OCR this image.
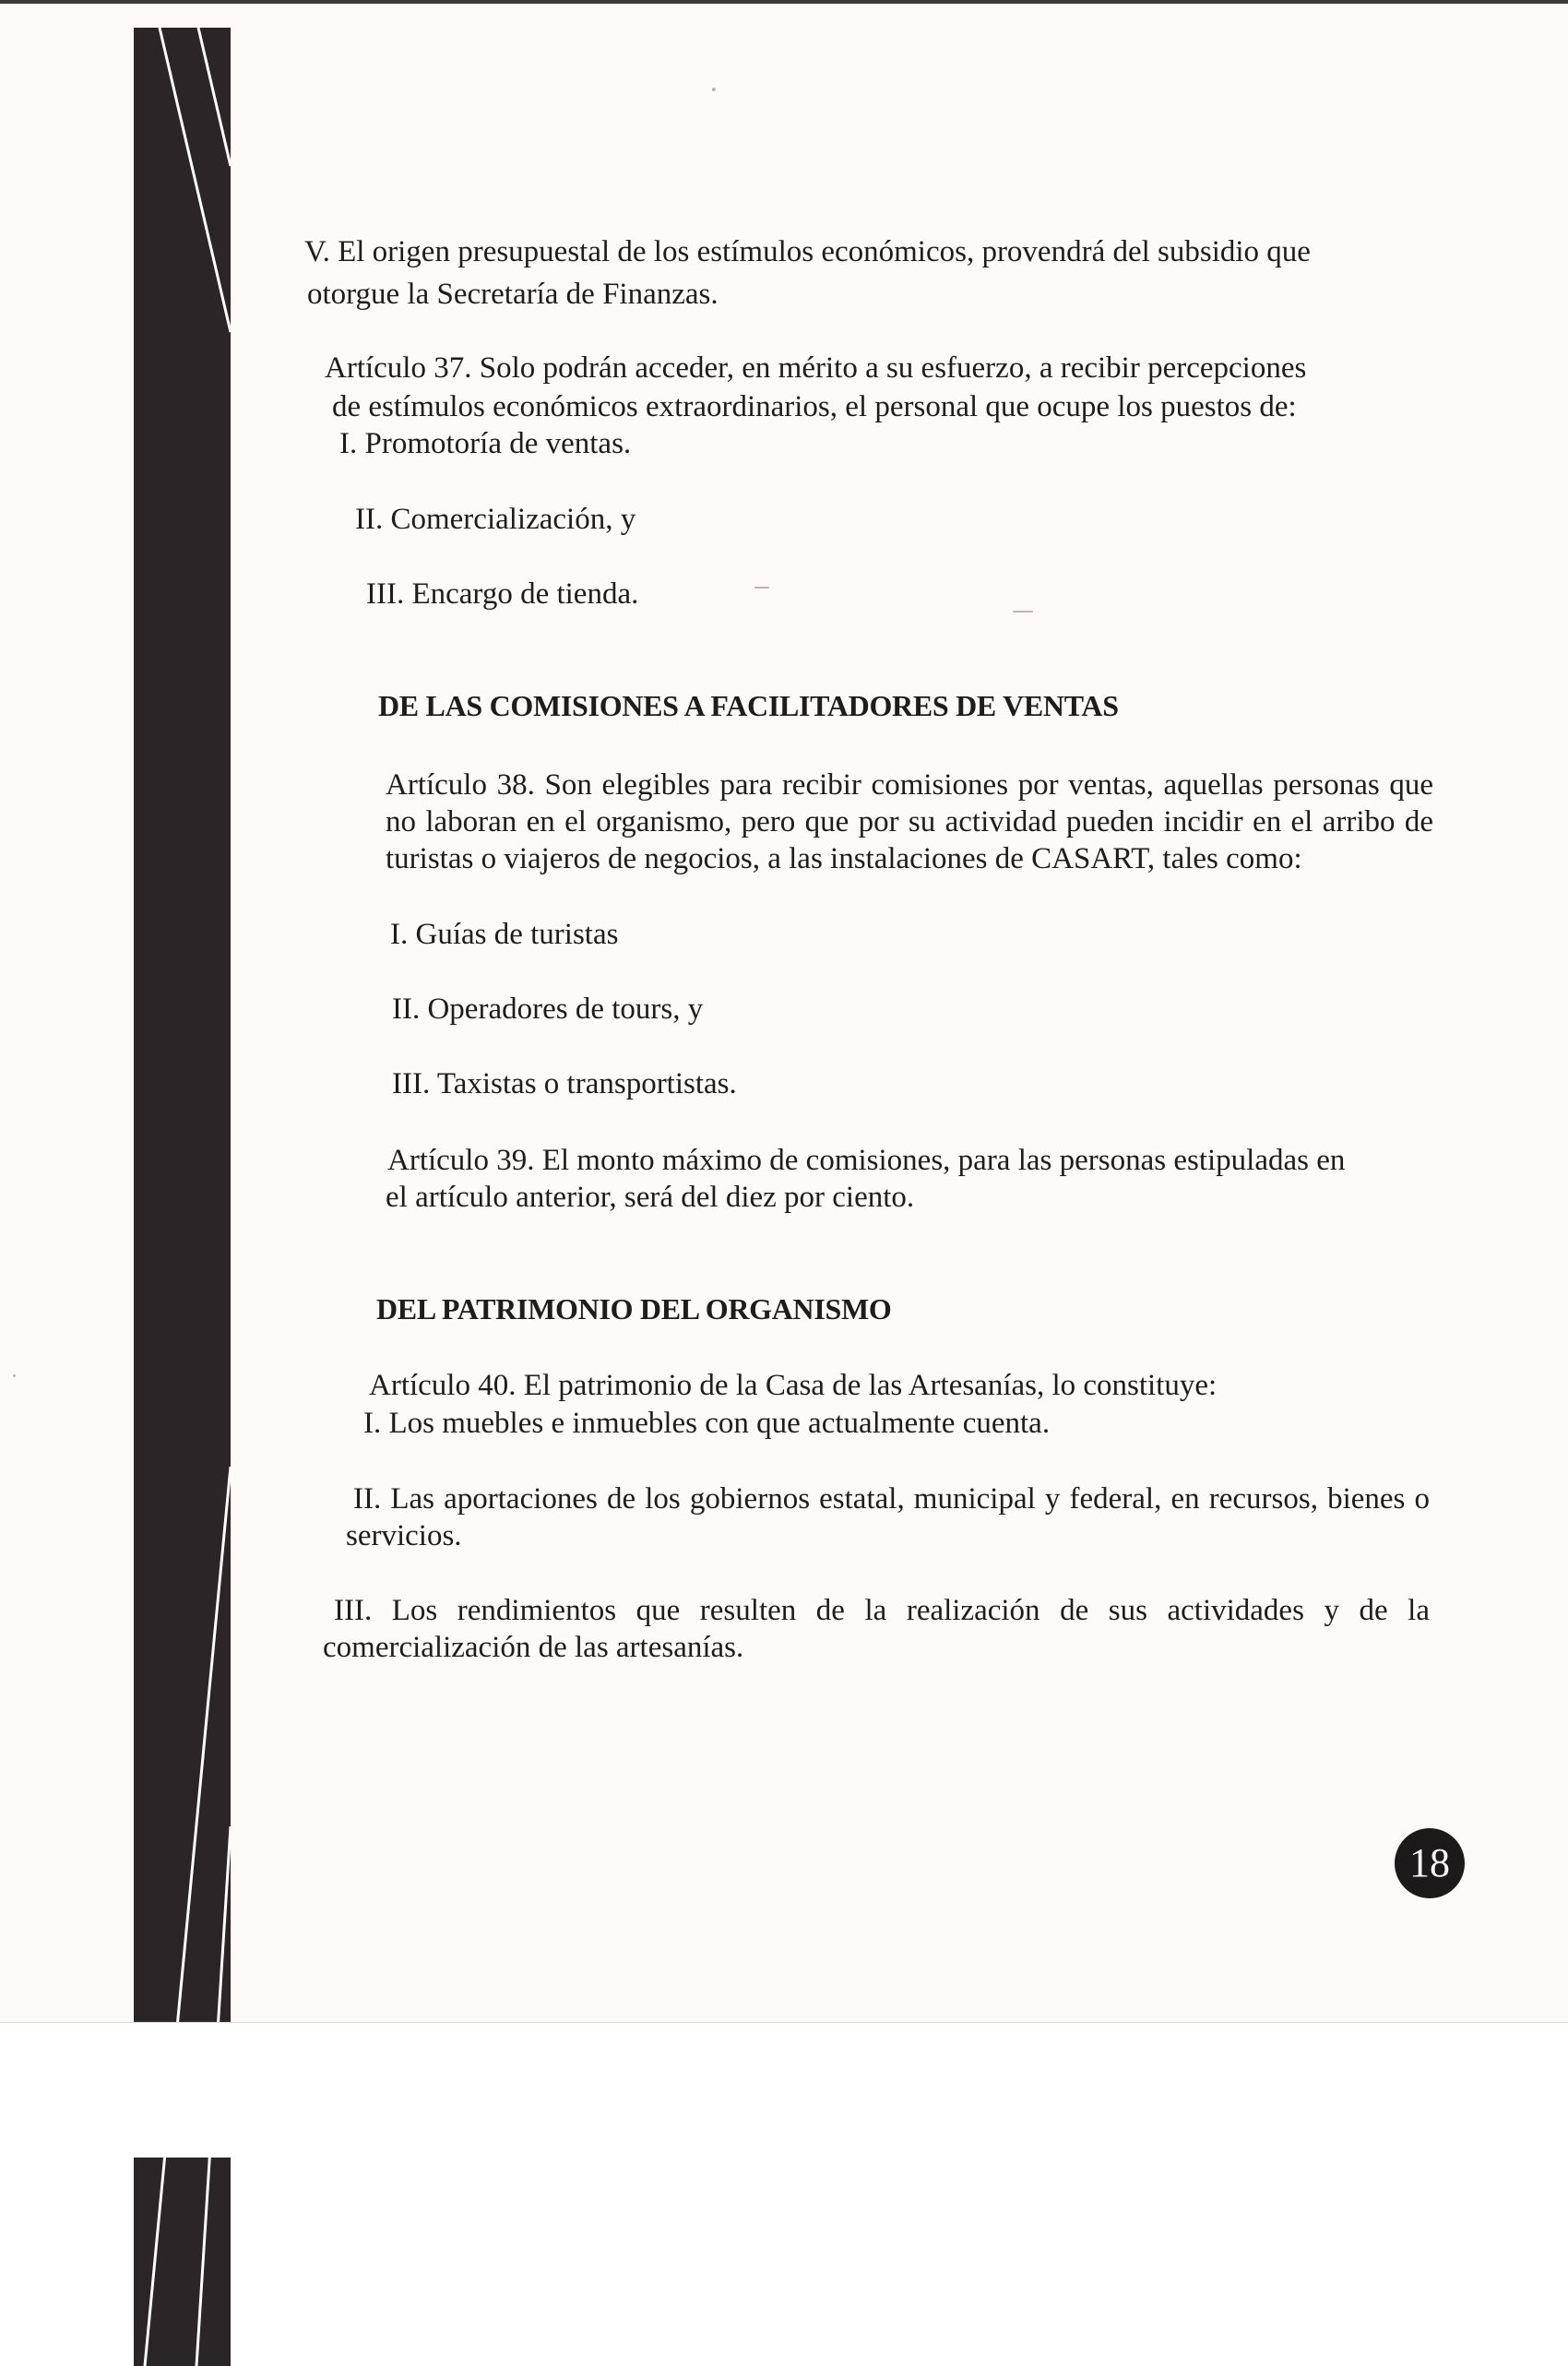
V. El origen presupuestal de los estímulos económicos, provendrá del subsidio que
otorgue la Secretaría de Finanzas.
Artículo 37. Solo podrán acceder, en mérito a su esfuerzo, a recibir percepciones
de estímulos económicos extraordinarios, el personal que ocupe los puestos de:
I. Promotoría de ventas.
II. Comercialización, y
III. Encargo de tienda.
DE LAS COMISIONES A FACILITADORES DE VENTAS
Artículo 38. Son elegibles para recibir comisiones por ventas, aquellas personas que no laboran en el organismo, pero que por su actividad pueden incidir en el arribo de turistas o viajeros de negocios, a las instalaciones de CASART, tales como:
I. Guías de turistas
II. Operadores de tours, y
III. Taxistas o transportistas.
Artículo 39. El monto máximo de comisiones, para las personas estipuladas en
el artículo anterior, será del diez por ciento.
DEL PATRIMONIO DEL ORGANISMO
Artículo 40. El patrimonio de la Casa de las Artesanías, lo constituye:
I. Los muebles e inmuebles con que actualmente cuenta.
II. Las aportaciones de los gobiernos estatal, municipal y federal, en recursos, bienes o servicios.
III. Los rendimientos que resulten de la realización de sus actividades y de la comercialización de las artesanías.
18
